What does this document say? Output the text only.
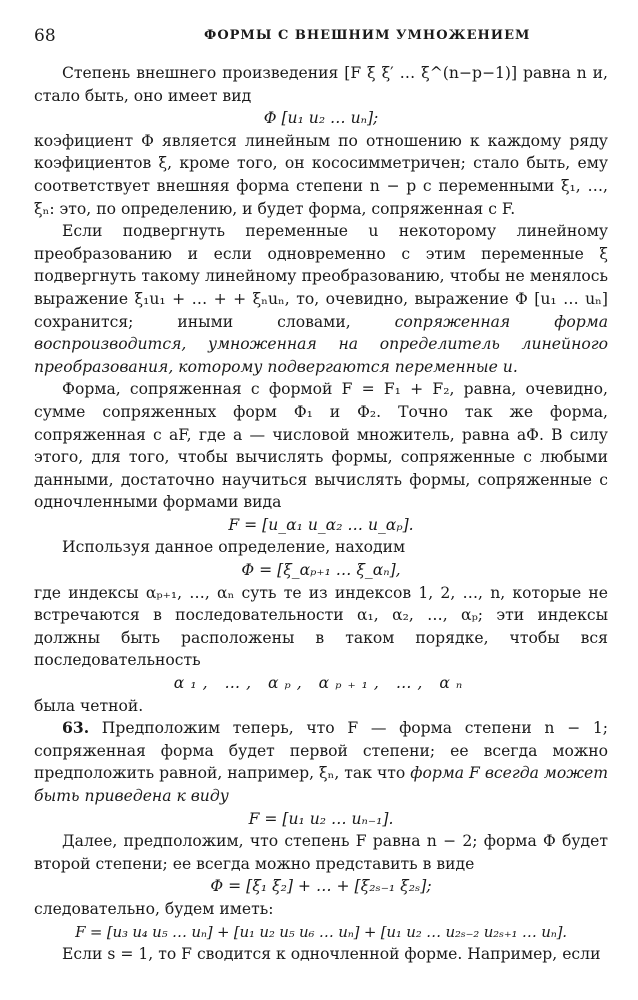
68	ФОРМЫ С ВНЕШНИМ УМНОЖЕНИЕМ

Степень внешнего произведения [F ξ ξ′ … ξ^(n−p−1)] равна n и, стало быть, оно имеет вид

Φ [u₁ u₂ … uₙ];

коэфициент Φ является линейным по отношению к каждому ряду коэфициентов ξ, кроме того, он кососимметричен; стало быть, ему соответствует внешняя форма степени n − p с переменными ξ₁, …, ξₙ: это, по определению, и будет форма, сопряженная с F.

Если подвергнуть переменные u некоторому линейному преобразованию и если одновременно с этим переменные ξ подвергнуть такому линейному преобразованию, чтобы не менялось выражение ξ₁u₁ + … + + ξₙuₙ, то, очевидно, выражение Φ [u₁ … uₙ] сохранится; иными словами, сопряженная форма воспроизводится, умноженная на определитель линейного преобразования, которому подвергаются переменные u.

Форма, сопряженная с формой F = F₁ + F₂, равна, очевидно, сумме сопряженных форм Φ₁ и Φ₂. Точно так же форма, сопряженная с aF, где a — числовой множитель, равна aΦ. В силу этого, для того, чтобы вычислять формы, сопряженные с любыми данными, достаточно научиться вычислять формы, сопряженные с одночленными формами вида

F = [u_α₁ u_α₂ … u_αₚ].

Используя данное определение, находим

Φ = [ξ_αₚ₊₁ … ξ_αₙ],

где индексы αₚ₊₁, …, αₙ суть те из индексов 1, 2, …, n, которые не встречаются в последовательности α₁, α₂, …, αₚ; эти индексы должны быть расположены в таком порядке, чтобы вся последовательность

α₁, …, αₚ, αₚ₊₁, …, αₙ

была четной.

63. Предположим теперь, что F — форма степени n − 1; сопряженная форма будет первой степени; ее всегда можно предположить равной, например, ξₙ, так что форма F всегда может быть приведена к виду

F = [u₁ u₂ … uₙ₋₁].

Далее, предположим, что степень F равна n − 2; форма Φ будет второй степени; ее всегда можно представить в виде

Φ = [ξ₁ ξ₂] + … + [ξ₂ₛ₋₁ ξ₂ₛ];

следовательно, будем иметь:

F = [u₃ u₄ u₅ … uₙ] + [u₁ u₂ u₅ u₆ … uₙ] + [u₁ u₂ … u₂ₛ₋₂ u₂ₛ₊₁ … uₙ].

Если s = 1, то F сводится к одночленной форме. Например, если
